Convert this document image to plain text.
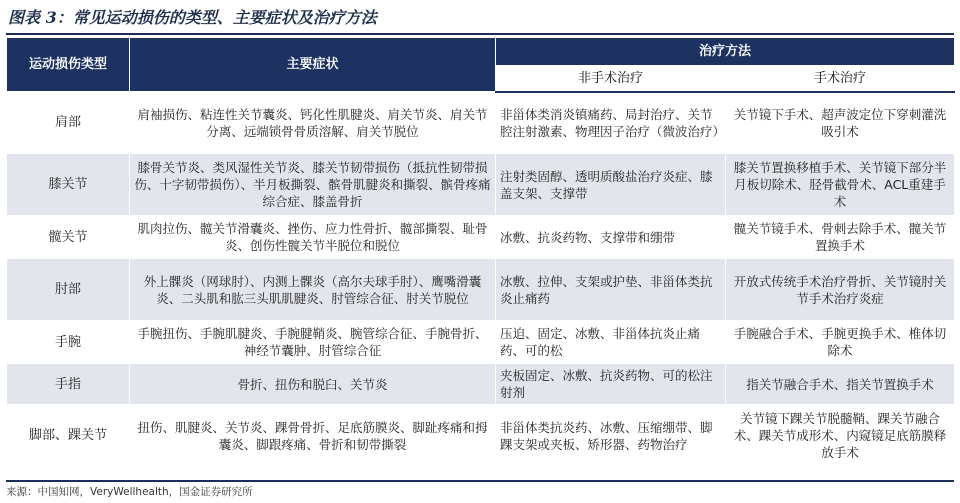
图表 3：常见运动损伤的类型、主要症状及治疗方法
运动损伤类型	主要症状	治疗方法	
		非手术治疗	手术治疗
肩部	肩袖损伤、粘连性关节囊炎、钙化性肌腱炎、肩关节炎、肩关节分离、远端锁骨骨质溶解、肩关节脱位	非甾体类消炎镇痛药、局封治疗、关节腔注射激素、物理因子治疗（微波治疗）	关节镜下手术、超声波定位下穿刺灌洗吸引术
膝关节	膝骨关节炎、类风湿性关节炎、膝关节韧带损伤（抵抗性韧带损伤、十字韧带损伤）、半月板撕裂、髌骨肌腱炎和撕裂、髌骨疼痛综合症、膝盖骨折	注射类固醇、透明质酸盐治疗炎症、膝盖支架、支撑带	膝关节置换移植手术、关节镜下部分半月板切除术、胫骨截骨术、ACL重建手术
髋关节	肌肉拉伤、髋关节滑囊炎、挫伤、应力性骨折、髋部撕裂、耻骨炎、创伤性髋关节半脱位和脱位	冰敷、抗炎药物、支撑带和绷带	髋关节镜手术、骨刺去除手术、髋关节置换手术
肘部	外上髁炎（网球肘）、内测上髁炎（高尔夫球手肘）、鹰嘴滑囊炎、二头肌和肱三头肌肌腱炎、肘管综合征、肘关节脱位	冰敷、拉伸、支架或护垫、非甾体类抗炎止痛药	开放式传统手术治疗骨折、关节镜肘关节手术治疗炎症
手腕	手腕扭伤、手腕肌腱炎、手腕腱鞘炎、腕管综合征、手腕骨折、神经节囊肿、肘管综合征	压迫、固定、冰敷、非甾体抗炎止痛药、可的松	手腕融合手术、手腕更换手术、椎体切除术
手指	骨折、扭伤和脱臼、关节炎	夹板固定、冰敷、抗炎药物、可的松注射剂	指关节融合手术、指关节置换手术
脚部、踝关节	扭伤、肌腱炎、关节炎、踝骨骨折、足底筋膜炎、脚趾疼痛和拇囊炎、脚跟疼痛、骨折和韧带撕裂	非甾体类抗炎药、冰敷、压缩绷带、脚踝支架或夹板、矫形器、药物治疗	关节镜下踝关节脱髓鞘、踝关节融合术、踝关节成形术、内窥镜足底筋膜释放手术
来源：中国知网，VeryWellhealth，国金证券研究所
